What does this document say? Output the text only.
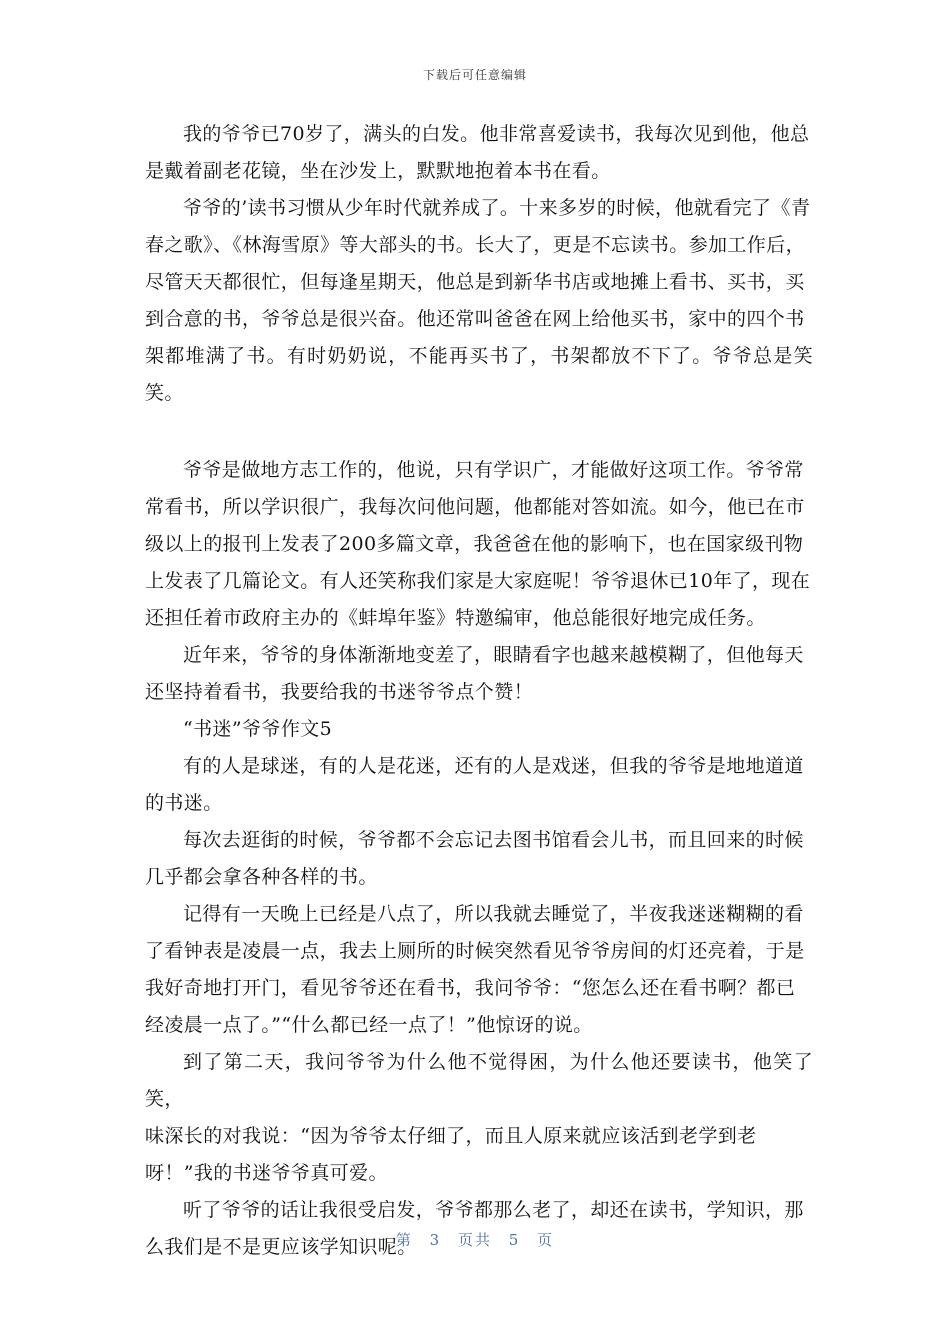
下载后可任意编辑

我的爷爷已70岁了，满头的白发。他非常喜爱读书，我每次见到他，他总
是戴着副老花镜，坐在沙发上，默默地抱着本书在看。

爷爷的’读书习惯从少年时代就养成了。十来多岁的时候，他就看完了《青
春之歌》、《林海雪原》等大部头的书。长大了，更是不忘读书。参加工作后，
尽管天天都很忙，但每逢星期天，他总是到新华书店或地摊上看书、买书，买
到合意的书，爷爷总是很兴奋。他还常叫爸爸在网上给他买书，家中的四个书
架都堆满了书。有时奶奶说，不能再买书了，书架都放不下了。爷爷总是笑笑。

爷爷是做地方志工作的，他说，只有学识广，才能做好这项工作。爷爷常
常看书，所以学识很广，我每次问他问题，他都能对答如流。如今，他已在市
级以上的报刊上发表了200多篇文章，我爸爸在他的影响下，也在国家级刊物
上发表了几篇论文。有人还笑称我们家是大家庭呢！爷爷退休已10年了，现在
还担任着市政府主办的《蚌埠年鉴》特邀编审，他总能很好地完成任务。

近年来，爷爷的身体渐渐地变差了，眼睛看字也越来越模糊了，但他每天
还坚持着看书，我要给我的书迷爷爷点个赞！

“书迷”爷爷作文5

有的人是球迷，有的人是花迷，还有的人是戏迷，但我的爷爷是地地道道
的书迷。

每次去逛街的时候，爷爷都不会忘记去图书馆看会儿书，而且回来的时候
几乎都会拿各种各样的书。

记得有一天晚上已经是八点了，所以我就去睡觉了，半夜我迷迷糊糊的看
了看钟表是凌晨一点，我去上厕所的时候突然看见爷爷房间的灯还亮着，于是
我好奇地打开门，看见爷爷还在看书，我问爷爷：“您怎么还在看书啊？都已
经凌晨一点了。”“什么都已经一点了！”他惊讶的说。

到了第二天，我问爷爷为什么他不觉得困，为什么他还要读书，他笑了笑，
味深长的对我说：“因为爷爷太仔细了，而且人原来就应该活到老学到老
呀！”我的书迷爷爷真可爱。

听了爷爷的话让我很受启发，爷爷都那么老了，却还在读书，学知识，那
么我们是不是更应该学知识呢。

第 3 页共 5 页
